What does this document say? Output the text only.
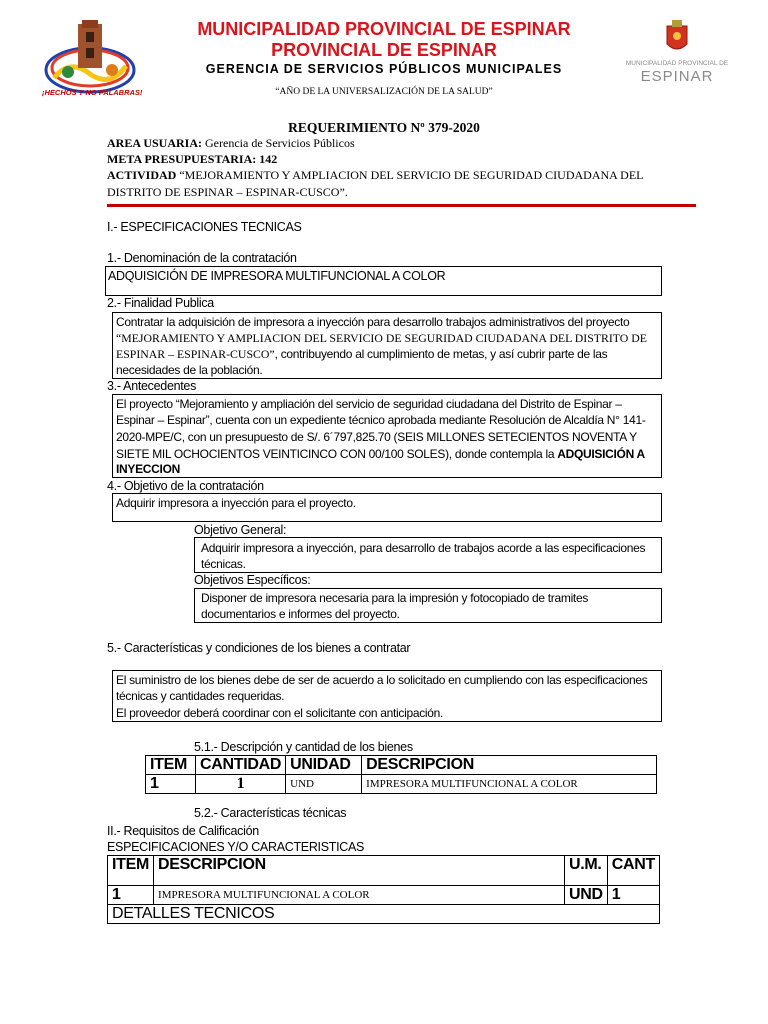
¡HECHOS Y NO PALABRAS!
MUNICIPALIDAD PROVINCIAL DE ESPINAR
PROVINCIAL DE ESPINAR
GERENCIA DE SERVICIOS PÚBLICOS MUNICIPALES
“AÑO DE LA UNIVERSALIZACIÓN DE LA SALUD”
MUNICIPALIDAD PROVINCIAL DE
ESPINAR
REQUERIMIENTO Nº 379-2020
AREA USUARIA: Gerencia de Servicios Públicos
META PRESUPUESTARIA: 142
ACTIVIDAD “MEJORAMIENTO Y AMPLIACION DEL SERVICIO DE SEGURIDAD CIUDADANA DEL
DISTRITO DE ESPINAR – ESPINAR-CUSCO”.
I.- ESPECIFICACIONES TECNICAS
1.- Denominación de la contratación
ADQUISICIÓN DE IMPRESORA MULTIFUNCIONAL A COLOR
2.- Finalidad Publica
Contratar la adquisición de impresora a inyección para desarrollo trabajos administrativos del proyecto
“MEJORAMIENTO Y AMPLIACION DEL SERVICIO DE SEGURIDAD CIUDADANA DEL DISTRITO DE
ESPINAR – ESPINAR-CUSCO”, contribuyendo al cumplimiento de metas, y así cubrir parte de las
necesidades de la población.
3.- Antecedentes
El proyecto “Mejoramiento y ampliación del servicio de seguridad ciudadana del Distrito de Espinar –
Espinar – Espinar”, cuenta con un expediente técnico aprobada mediante Resolución de Alcaldía N° 141-
2020-MPE/C, con un presupuesto de S/. 6´797,825.70 (SEIS MILLONES SETECIENTOS NOVENTA Y
SIETE MIL OCHOCIENTOS VEINTICINCO CON 00/100 SOLES), donde contempla la ADQUISICIÓN A
INYECCION
4.- Objetivo de la contratación
Adquirir impresora a inyección para el proyecto.
Objetivo General:
Adquirir impresora a inyección, para desarrollo de trabajos acorde a las especificaciones
técnicas.
Objetivos Específicos:
Disponer de impresora necesaria para la impresión y fotocopiado de tramites
documentarios e informes del proyecto.
5.- Características y condiciones de los bienes a contratar
El suministro de los bienes debe de ser de acuerdo a lo solicitado en cumpliendo con las especificaciones
técnicas y cantidades requeridas.
El proveedor deberá coordinar con el solicitante con anticipación.
5.1.- Descripción y cantidad de los bienes
ITEM	CANTIDAD	UNIDAD	DESCRIPCION
1	1	UND	IMPRESORA MULTIFUNCIONAL A COLOR
5.2.- Características técnicas
II.- Requisitos de Calificación
ESPECIFICACIONES Y/O CARACTERISTICAS
ITEM	DESCRIPCION	U.M.	CANT
1	IMPRESORA MULTIFUNCIONAL A COLOR	UND	1
DETALLES TECNICOS			
